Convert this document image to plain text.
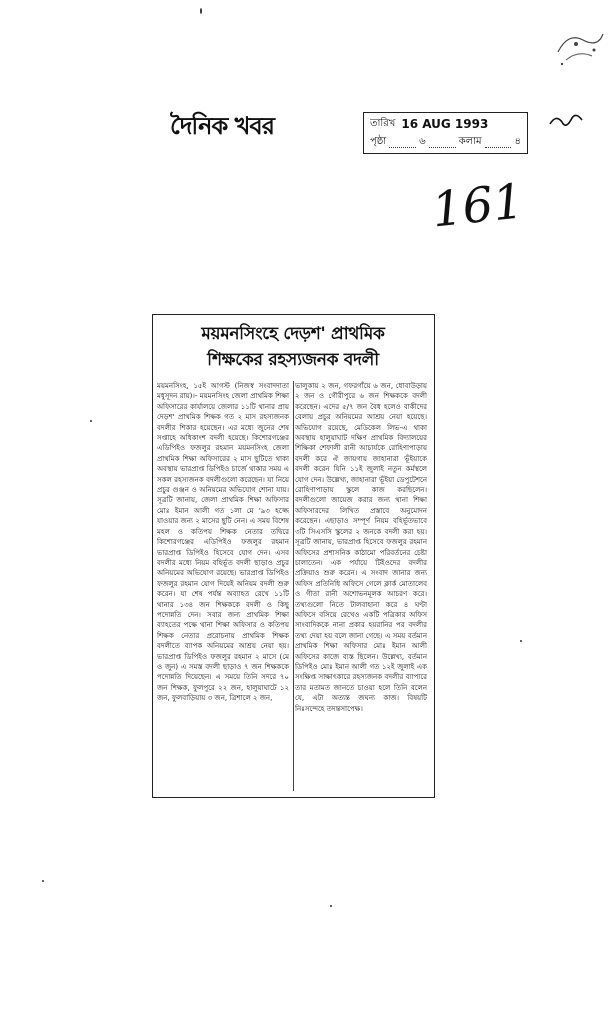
দৈনিক খবর	তারিখ 16 AUG 1993
পৃষ্ঠা	৬	কলাম	৪
161
ময়মনসিংহে দেড়শ' প্রাথমিক
শিক্ষকের রহস্যজনক বদলী

ময়মনসিংহ, ১৫ই আগস্ট (নিজস্ব সংবাদদাতা মধুসূদন রায়)।- ময়মনসিংহ জেলা প্রাথমিক শিক্ষা অফিসারের কার্যালয়ে জেলার ১১টি থানার প্রায় দেড়শ' প্রাথমিক শিক্ষক গত ২ মাস রহস্যজনক বদলীর শিকার হয়েছেন। এর মধ্যে জুনের শেষ সপ্তাহে অধিকাংশ বদলী হয়েছে। কিশোরগঞ্জের এডিপিইও ফজলুর রহমান ময়মনসিংহ জেলা প্রাথমিক শিক্ষা অফিসারের ২ মাস ছুটিতে থাকা অবস্থায় ভারপ্রাপ্ত ডিপিইও চার্জে থাকার সময় এ সকল রহস্যজনক বদলীগুলো করেছেন। যা নিয়ে প্রচুর গুঞ্জন ও অনিয়মের অভিযোগ শোনা যায়। সূত্রটি জানায়, জেলা প্রাথমিক শিক্ষা অফিসার মোঃ ইমান আলী গত ১লা মে '৯৩ হজ্জে যাওয়ার জন্য ২ মাসের ছুটি নেন। এ সময় বিশেষ মহল ও কতিপয় শিক্ষক নেতার তদ্বিরে কিশোরগঞ্জের এডিপিইও ফজলুর রহমান ভারপ্রাপ্ত ডিপিইও হিসেবে যোগ দেন। এসব বদলীর মধ্যে নিয়ম বহির্ভূত বদলী ছাড়াও প্রচুর অনিয়মের অভিযোগ রয়েছে। ভারপ্রাপ্ত ডিপিইও ফজলুর রহমান যোগ দিয়েই অনিয়ম বদলী শুরু করেন। যা শেষ পর্যন্ত অব্যাহত রেখে ১১টি থানার ১৩৪ জন শিক্ষককে বদলী ও কিছু পদোন্নতি দেন। সবার জন্য প্রাথমিক শিক্ষা ব্যাহতের পক্ষে থানা শিক্ষা অফিসার ও কতিপয় শিক্ষক নেতার প্ররোচনায় প্রাথমিক শিক্ষক বদলীতে ব্যাপক অনিয়মের আশ্রয় নেয়া হয়। ভারপ্রাপ্ত ডিপিইও ফজলুর রহমান ২ মাসে (মে ও জুন) এ সমস্ত বদলী ছাড়াও ৭ জন শিক্ষককে পদোন্নতি দিয়েছেন। এ সময়ে তিনি সদরে ৭০ জন শিক্ষক, ফুলপুরে ২২ জন, হালুয়াঘাটে ১২ জন, ফুলবাড়িয়ায় ৩ জন, ত্রিশালে ২ জন,

ভালুকায় ২ জন, গফরগাঁয়ে ৬ জন, ধোবাউড়ায় ২ জন ও গৌরীপুরে ৬ জন শিক্ষককে বদলী করেছেন। এদের ৫/৭ জন বৈধ হলেও বাকীদের বেলায় প্রচুর অনিয়মের আশ্রয় নেয়া হয়েছে। অভিযোগ রয়েছে, মেডিকেল লিভ-এ থাকা অবস্থায় হালুয়াঘাট দক্ষিণ প্রাথমিক বিদ্যালয়ের শিক্ষিকা শেফালী রানী আচার্যকে রোহিণাপাড়ায় বদলী করে ঐ জায়গায় জাহানারা ভূঁইয়াকে বদলী করেন যিনি ১১ই জুলাই নতুন কর্মস্থলে যোগ দেন। উল্লেখ্য, জাহানারা ভূঁইয়া ডেপুটেশনে রোহিণাপাড়ায় স্কুলে কাজ করছিলেন। বদলীগুলো জায়েজ করার জন্য থানা শিক্ষা অফিসারদের লিখিত প্রস্তাবে অনুমোদন করেছেন। এছাড়াও সম্পূর্ণ নিয়ম বহির্ভূতভাবে ৩টি সিএসসি স্কুলের ২ জনকে বদলী করা হয়। সূত্রটি জানায়, ভারপ্রাপ্ত হিসেবে ফজলুর রহমান অফিসের প্রশাসনিক কাঠামো পরিবর্তনের চেষ্টা চালাতেন। এক পর্যায়ে টিইওদের বদলীর প্রক্রিয়াও শুরু করেন। এ সংবাদ জানার জন্য অফিস প্রতিনিধি অফিসে গেলে ক্লার্ক মোতালেব ও গীতা রানী অশোভনমূলক আচরণ করে। তথ্যগুলো নিতে টালবাহানা করে ৪ ঘণ্টা অফিসে বসিয়ে রেখেও একটি পত্রিকার অফিস সাংবাদিককে নানা প্রকার হয়রানির পর বদলীর তথ্য দেয়া হয় বলে জানা গেছে। এ সময় বর্তমান প্রাথমিক শিক্ষা অফিসার মোঃ ইমান আলী অফিসের কাজে ব্যস্ত ছিলেন। উল্লেখ্য, বর্তমান ডিপিইও মোঃ ইমান আলী গত ১২ই জুলাই এক সংক্ষিপ্ত সাক্ষাৎকারে রহস্যজনক বদলীর ব্যাপারে তার মতামত জানতে চাওয়া হলে তিনি বলেন যে, এটা অত্যন্ত জঘন্য কাজ। বিষয়টি নিঃসন্দেহে তদন্তসাপেক্ষ।
